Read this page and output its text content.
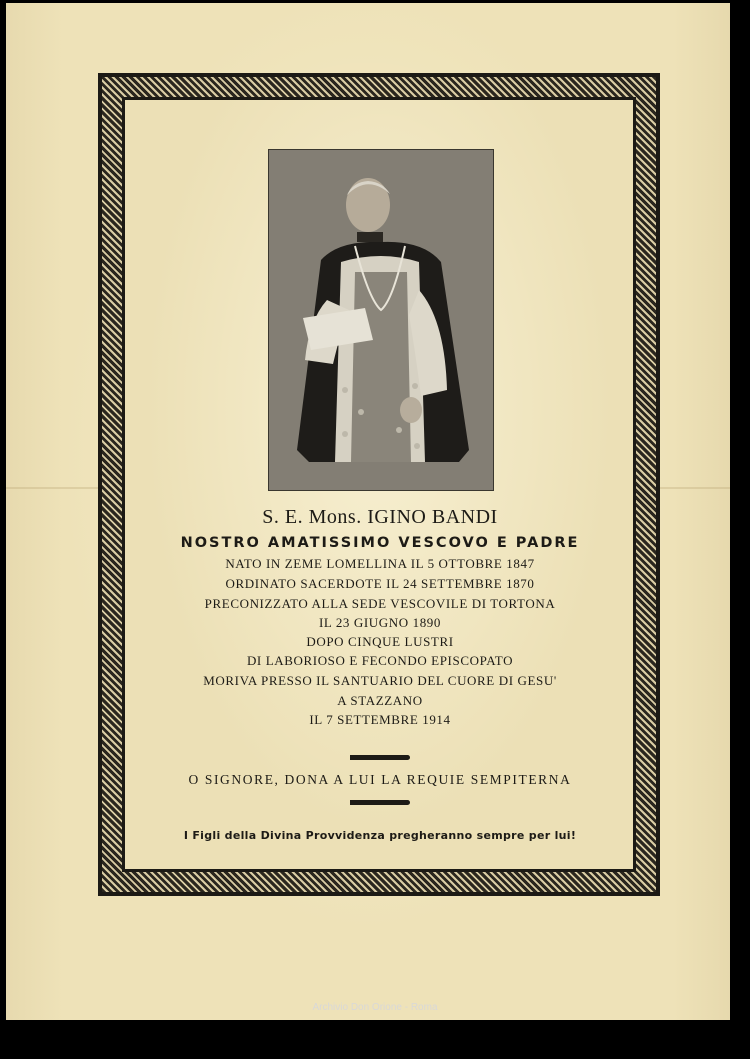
S. E. Mons. IGINO BANDI
NOSTRO AMATISSIMO VESCOVO E PADRE
NATO IN ZEME LOMELLINA IL 5 OTTOBRE 1847
ORDINATO SACERDOTE IL 24 SETTEMBRE 1870
PRECONIZZATO ALLA SEDE VESCOVILE DI TORTONA
IL 23 GIUGNO 1890
DOPO CINQUE LUSTRI
DI LABORIOSO E FECONDO EPISCOPATO
MORIVA PRESSO IL SANTUARIO DEL CUORE DI GESU'
A STAZZANO
IL 7 SETTEMBRE 1914
O SIGNORE, DONA A LUI LA REQUIE SEMPITERNA
I Figli della Divina Provvidenza pregheranno sempre per lui!
Archivio Don Orione - Roma
